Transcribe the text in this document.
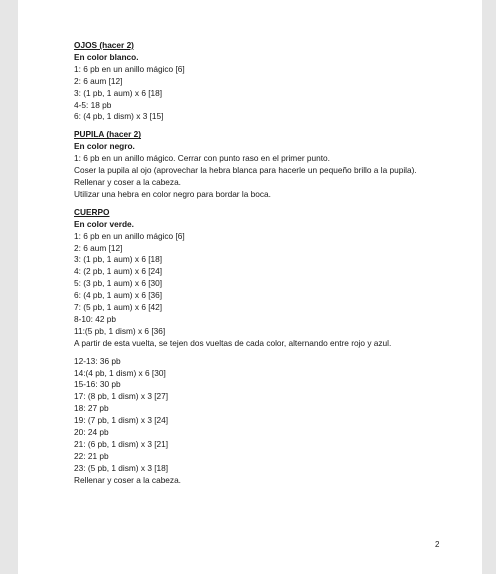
OJOS (hacer 2)
En color blanco.
1: 6 pb en un anillo mágico [6]
2: 6 aum [12]
3: (1 pb, 1 aum) x 6 [18]
4-5: 18 pb
6: (4 pb, 1 dism) x 3 [15]
PUPILA (hacer 2)
En color negro.
1: 6 pb en un anillo mágico. Cerrar con punto raso en el primer punto.
Coser la pupila al ojo (aprovechar la hebra blanca para hacerle un pequeño brillo a la pupila). Rellenar y coser a la cabeza.
Utilizar una hebra en color negro para bordar la boca.
CUERPO
En color verde.
1: 6 pb en un anillo mágico [6]
2: 6 aum [12]
3: (1 pb, 1 aum) x 6 [18]
4: (2 pb, 1 aum) x 6 [24]
5: (3 pb, 1 aum) x 6 [30]
6: (4 pb, 1 aum) x 6 [36]
7: (5 pb, 1 aum) x 6 [42]
8-10: 42 pb
11:(5 pb, 1 dism) x 6 [36]
A partir de esta vuelta, se tejen dos vueltas de cada color, alternando entre rojo y azul.
12-13: 36 pb
14:(4 pb, 1 dism) x 6 [30]
15-16: 30 pb
17: (8 pb, 1 dism) x 3 [27]
18: 27 pb
19: (7 pb, 1 dism) x 3 [24]
20: 24 pb
21: (6 pb, 1 dism) x 3 [21]
22: 21 pb
23: (5 pb, 1 dism) x 3 [18]
Rellenar y coser a la cabeza.
2
